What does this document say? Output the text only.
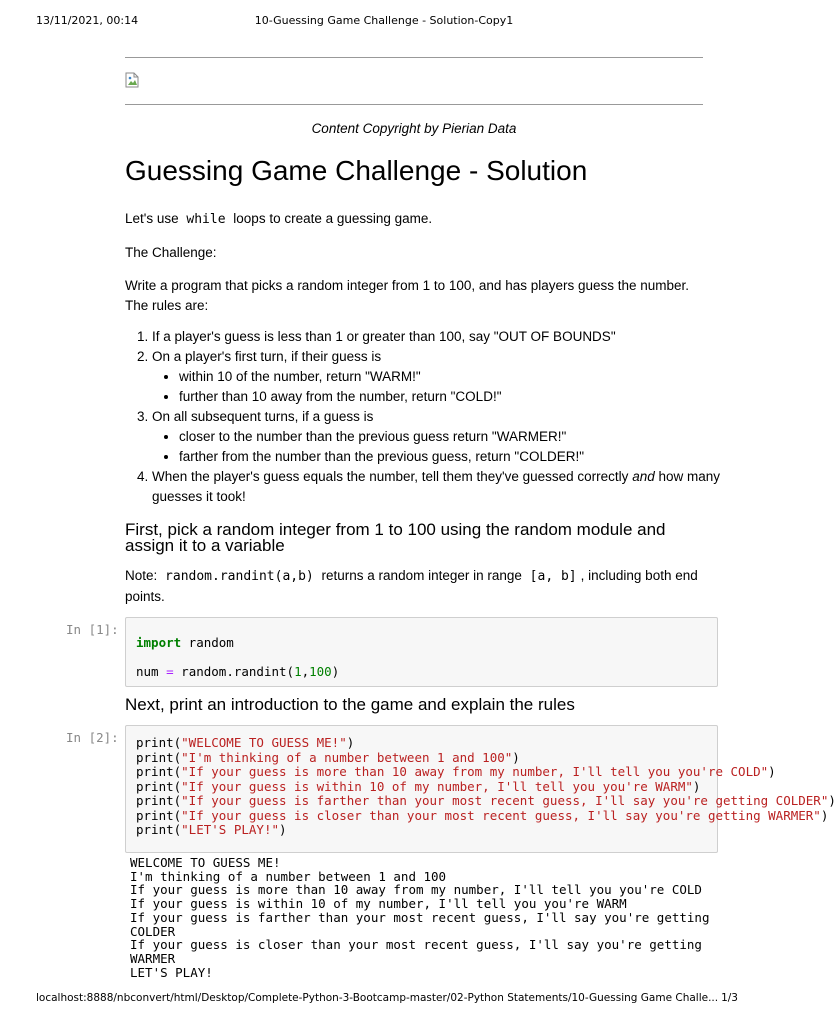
13/11/2021, 00:14	10-Guessing Game Challenge - Solution-Copy1
Content Copyright by Pierian Data
Guessing Game Challenge - Solution
Let's use while loops to create a guessing game.
The Challenge:
Write a program that picks a random integer from 1 to 100, and has players guess the number. The rules are:
1. If a player's guess is less than 1 or greater than 100, say "OUT OF BOUNDS"
2. On a player's first turn, if their guess is
• within 10 of the number, return "WARM!"
• further than 10 away from the number, return "COLD!"
3. On all subsequent turns, if a guess is
• closer to the number than the previous guess return "WARMER!"
• farther from the number than the previous guess, return "COLDER!"
4. When the player's guess equals the number, tell them they've guessed correctly and how many guesses it took!
First, pick a random integer from 1 to 100 using the random module and assign it to a variable
Note: random.randint(a,b) returns a random integer in range [a, b] , including both end points.
In [1]:
import random
num = random.randint(1,100)
Next, print an introduction to the game and explain the rules
In [2]:	print("WELCOME TO GUESS ME!")
print("I'm thinking of a number between 1 and 100")
print("If your guess is more than 10 away from my number, I'll tell you you're COLD")
print("If your guess is within 10 of my number, I'll tell you you're WARM")
print("If your guess is farther than your most recent guess, I'll say you're getting COLDER")
print("If your guess is closer than your most recent guess, I'll say you're getting WARMER")
print("LET'S PLAY!")
WELCOME TO GUESS ME!
I'm thinking of a number between 1 and 100
If your guess is more than 10 away from my number, I'll tell you you're COLD
If your guess is within 10 of my number, I'll tell you you're WARM
If your guess is farther than your most recent guess, I'll say you're getting
COLDER
If your guess is closer than your most recent guess, I'll say you're getting
WARMER
LET'S PLAY!
localhost:8888/nbconvert/html/Desktop/Complete-Python-3-Bootcamp-master/02-Python Statements/10-Guessing Game Challe... 1/3
